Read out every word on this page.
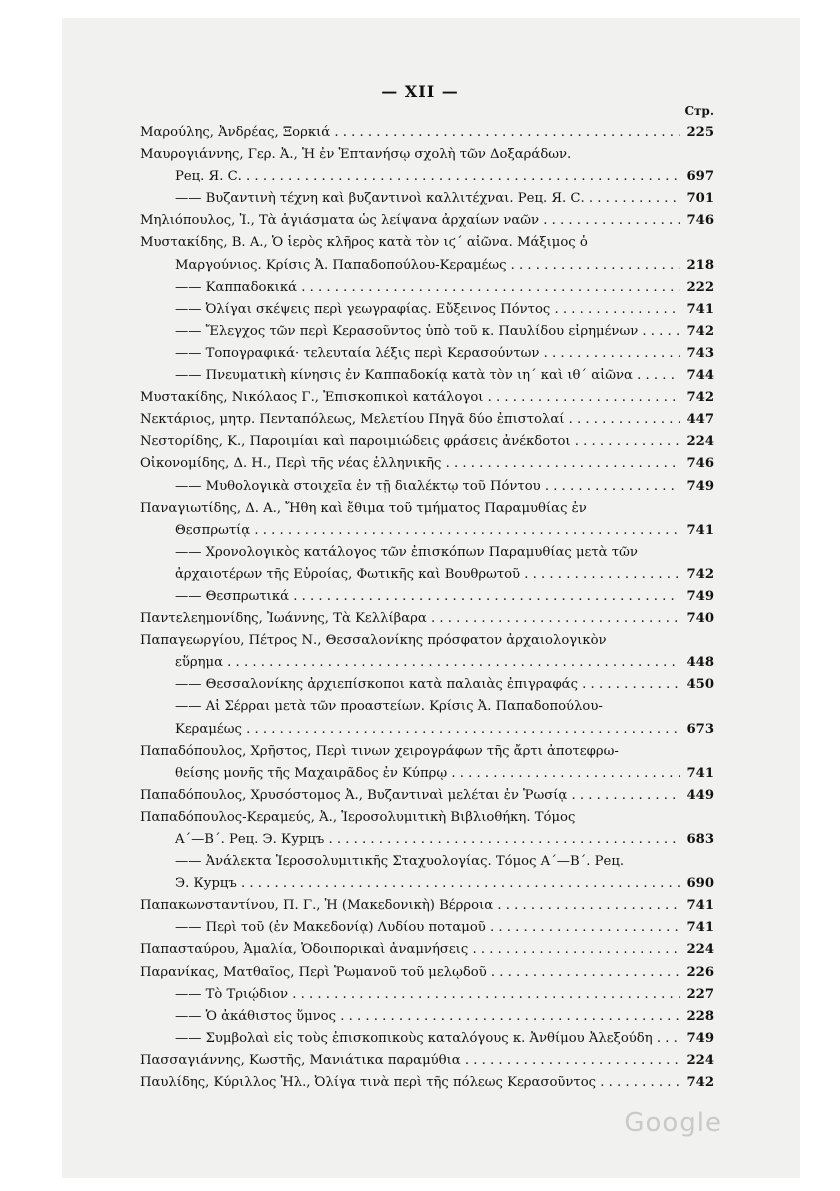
— XII —
Стр.
Μαρούλης, Ἀνδρέας, Ξορκιά . . .	225
Μαυρογιάννης, Γερ. Ἀ., Ἡ ἐν Ἑπτανήσῳ σχολὴ τῶν Δοξαράδων.
Рец. Я. С. . . .	697
—— Βυζαντινὴ τέχνη καὶ βυζαντινοὶ καλλιτέχναι. Рец. Я. С. . . .	701
Μηλιόπουλος, Ἰ., Τὰ ἁγιάσματα ὡς λείψανα ἀρχαίων ναῶν . . .	746
Μυστακίδης, Β. Α., Ὁ ἱερὸς κλῆρος κατὰ τὸν ιϛ´ αἰῶνα. Μάξιμος ὁ
Μαργούνιος. Κρίσις Ἀ. Παπαδοπούλου-Κεραμέως . . .	218
—— Καππαδοκικά . . .	222
—— Ὀλίγαι σκέψεις περὶ γεωγραφίας. Εὔξεινος Πόντος . . .	741
—— Ἔλεγχος τῶν περὶ Κερασοῦντος ὑπὸ τοῦ κ. Παυλίδου εἰρημένων . . .	742
—— Τοπογραφικά· τελευταία λέξις περὶ Κερασούντων . . .	743
—— Πνευματικὴ κίνησις ἐν Καππαδοκίᾳ κατὰ τὸν ιη´ καὶ ιθ´ αἰῶνα . . .	744
Μυστακίδης, Νικόλαος Γ., Ἐπισκοπικοὶ κατάλογοι . . .	742
Νεκτάριος, μητρ. Πενταπόλεως, Μελετίου Πηγᾶ δύο ἐπιστολαί . . .	447
Νεστορίδης, Κ., Παροιμίαι καὶ παροιμιώδεις φράσεις ἀνέκδοτοι . . .	224
Οἰκονομίδης, Δ. Η., Περὶ τῆς νέας ἑλληνικῆς . . .	746
—— Μυθολογικὰ στοιχεῖα ἐν τῇ διαλέκτῳ τοῦ Πόντου . . .	749
Παναγιωτίδης, Δ. Α., Ἤθη καὶ ἔθιμα τοῦ τμήματος Παραμυθίας ἐν
Θεσπρωτίᾳ . . .	741
—— Χρονολογικὸς κατάλογος τῶν ἐπισκόπων Παραμυθίας μετὰ τῶν
ἀρχαιοτέρων τῆς Εὐροίας, Φωτικῆς καὶ Βουθρωτοῦ . . .	742
—— Θεσπρωτικά . . .	749
Παντελεημονίδης, Ἰωάννης, Τὰ Κελλίβαρα . . .	740
Παπαγεωργίου, Πέτρος Ν., Θεσσαλονίκης πρόσφατον ἀρχαιολογικὸν
εὕρημα . . .	448
—— Θεσσαλονίκης ἀρχιεπίσκοποι κατὰ παλαιὰς ἐπιγραφάς . . .	450
—— Αἱ Σέρραι μετὰ τῶν προαστείων. Κρίσις Ἀ. Παπαδοπούλου-
Κεραμέως . . .	673
Παπαδόπουλος, Χρῆστος, Περὶ τινων χειρογράφων τῆς ἄρτι ἀποτεφρω-
θείσης μονῆς τῆς Μαχαιρᾶδος ἐν Κύπρῳ . . .	741
Παπαδόπουλος, Χρυσόστομος Ἀ., Βυζαντιναὶ μελέται ἐν Ῥωσίᾳ . . .	449
Παπαδόπουλος-Κεραμεύς, Ἀ., Ἱεροσολυμιτικὴ Βιβλιοθήκη. Τόμος
Α´—Β´. Рец. Э. Курцъ . . .	683
—— Ἀνάλεκτα Ἱεροσολυμιτικῆς Σταχυολογίας. Τόμος Α´—Β´. Рец.
Э. Курцъ . . .	690
Παπακωνσταντίνου, Π. Γ., Ἡ (Μακεδονικὴ) Βέρροια . . .	741
—— Περὶ τοῦ (ἐν Μακεδονίᾳ) Λυδίου ποταμοῦ . . .	741
Παπασταύρου, Ἀμαλία, Ὁδοιπορικαὶ ἀναμνήσεις . . .	224
Παρανίκας, Ματθαῖος, Περὶ Ῥωμανοῦ τοῦ μελῳδοῦ . . .	226
—— Τὸ Τριῴδιον . . .	227
—— Ὁ ἀκάθιστος ὕμνος . . .	228
—— Συμβολαὶ εἰς τοὺς ἐπισκοπικοὺς καταλόγους κ. Ἀνθίμου Ἀλεξούδη . . .	749
Πασσαγιάννης, Κωστῆς, Μανιάτικα παραμύθια . . .	224
Παυλίδης, Κύριλλος Ἠλ., Ὀλίγα τινὰ περὶ τῆς πόλεως Κερασοῦντος . . .	742
Google
